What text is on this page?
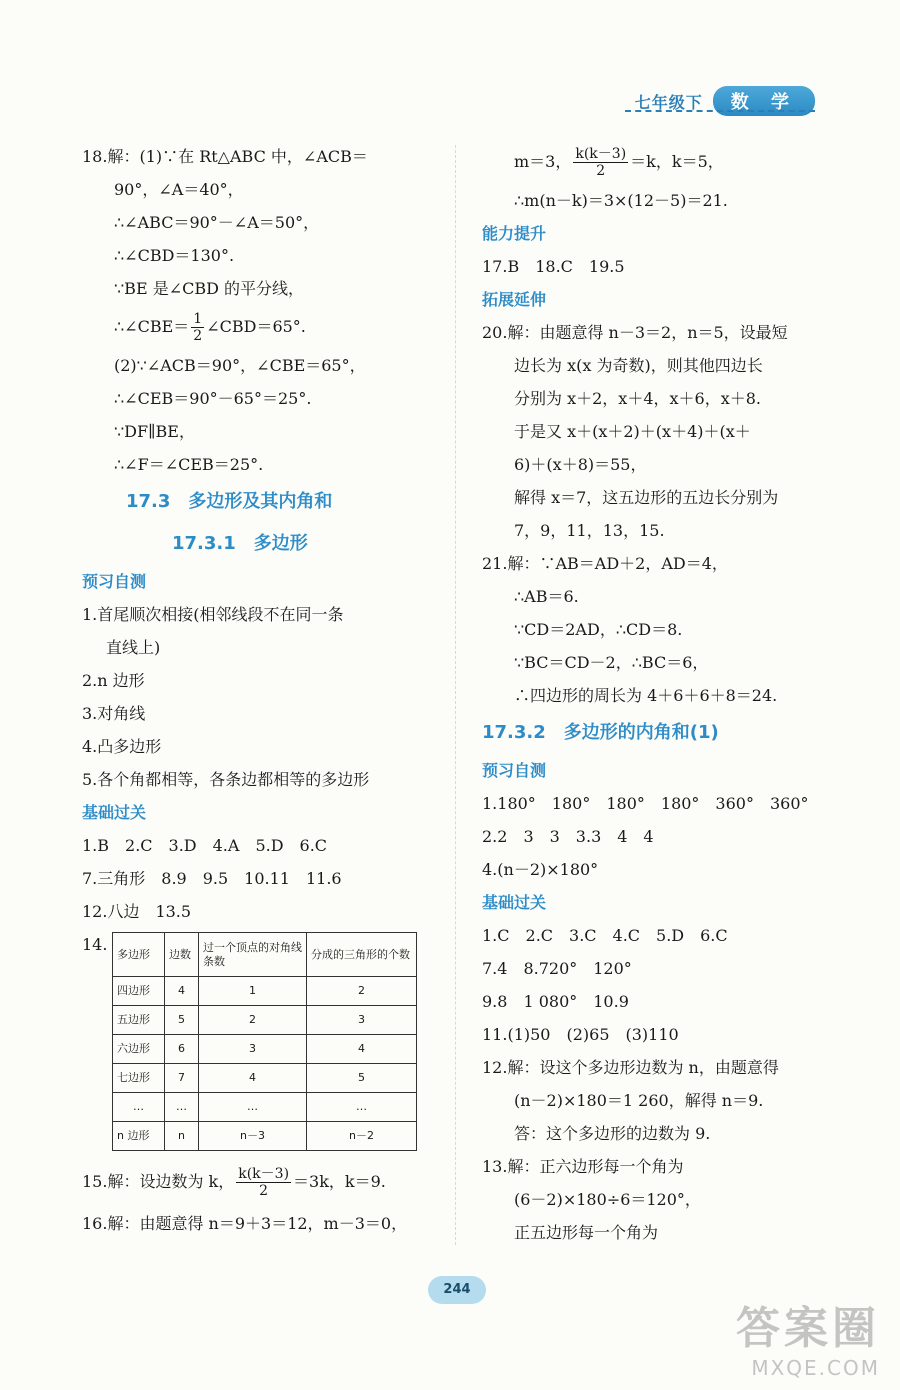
七年级下	数 学
18.解：(1)∵在 Rt△ABC 中，∠ACB＝
90°，∠A＝40°，
∴∠ABC＝90°－∠A＝50°，
∴∠CBD＝130°.
∵BE 是∠CBD 的平分线，
∴∠CBE＝ $\frac{1}{2}$ ∠CBD＝65°.
(2)∵∠ACB＝90°，∠CBE＝65°，
∴∠CEB＝90°－65°＝25°.
∵DF∥BE，
∴∠F＝∠CEB＝25°.
17.3　多边形及其内角和
17.3.1　多边形
预习自测
1.首尾顺次相接(相邻线段不在同一条
直线上)
2.n 边形
3.对角线
4.凸多边形
5.各个角都相等，各条边都相等的多边形
基础过关
1.B　2.C　3.D　4.A　5.D　6.C
7.三角形　8.9　9.5　10.11　11.6
12.八边　13.5
14. 多边形	边数	过一个顶点的对角线条数	分成的三角形的个数
四边形	4	1	2
五边形	5	2	3
六边形	6	3	4
七边形	7	4	5
…	…	…	…
n 边形	n	n－3	n－2
15.解：设边数为 k， $\frac{k(k-3)}{2} =3k$，k＝9.
16.解：由题意得 n＝9＋3＝12，m－3＝0，
m＝3， $\frac{k(k-3)}{2} =k$，k＝5，
∴m(n－k)＝3×(12－5)＝21.
能力提升
17.B　18.C　19.5
拓展延伸
20.解：由题意得 n－3＝2，n＝5，设最短
边长为 x(x 为奇数)，则其他四边长
分别为 x＋2，x＋4，x＋6，x＋8.
于是又 x＋(x＋2)＋(x＋4)＋(x＋
6)＋(x＋8)＝55，
解得 x＝7，这五边形的五边长分别为
7，9，11，13，15.
21.解：∵AB＝AD＋2，AD＝4，
∴AB＝6.
∵CD＝2AD，∴CD＝8.
∵BC＝CD－2，∴BC＝6，
∴四边形的周长为 4＋6＋6＋8＝24.
17.3.2　多边形的内角和(1)
预习自测
1.180°　180°　180°　180°　360°　360°
2.2　3　3　3.3　4　4
4.(n－2)×180°
基础过关
1.C　2.C　3.C　4.C　5.D　6.C
7.4　8.720°　120°
9.8　1 080°　10.9
11.(1)50　(2)65　(3)110
12.解：设这个多边形边数为 n，由题意得
(n－2)×180＝1 260，解得 n＝9.
答：这个多边形的边数为 9.
13.解：正六边形每一个角为
(6－2)×180÷6＝120°，
正五边形每一个角为
244
答案圈
MXQE.COM
